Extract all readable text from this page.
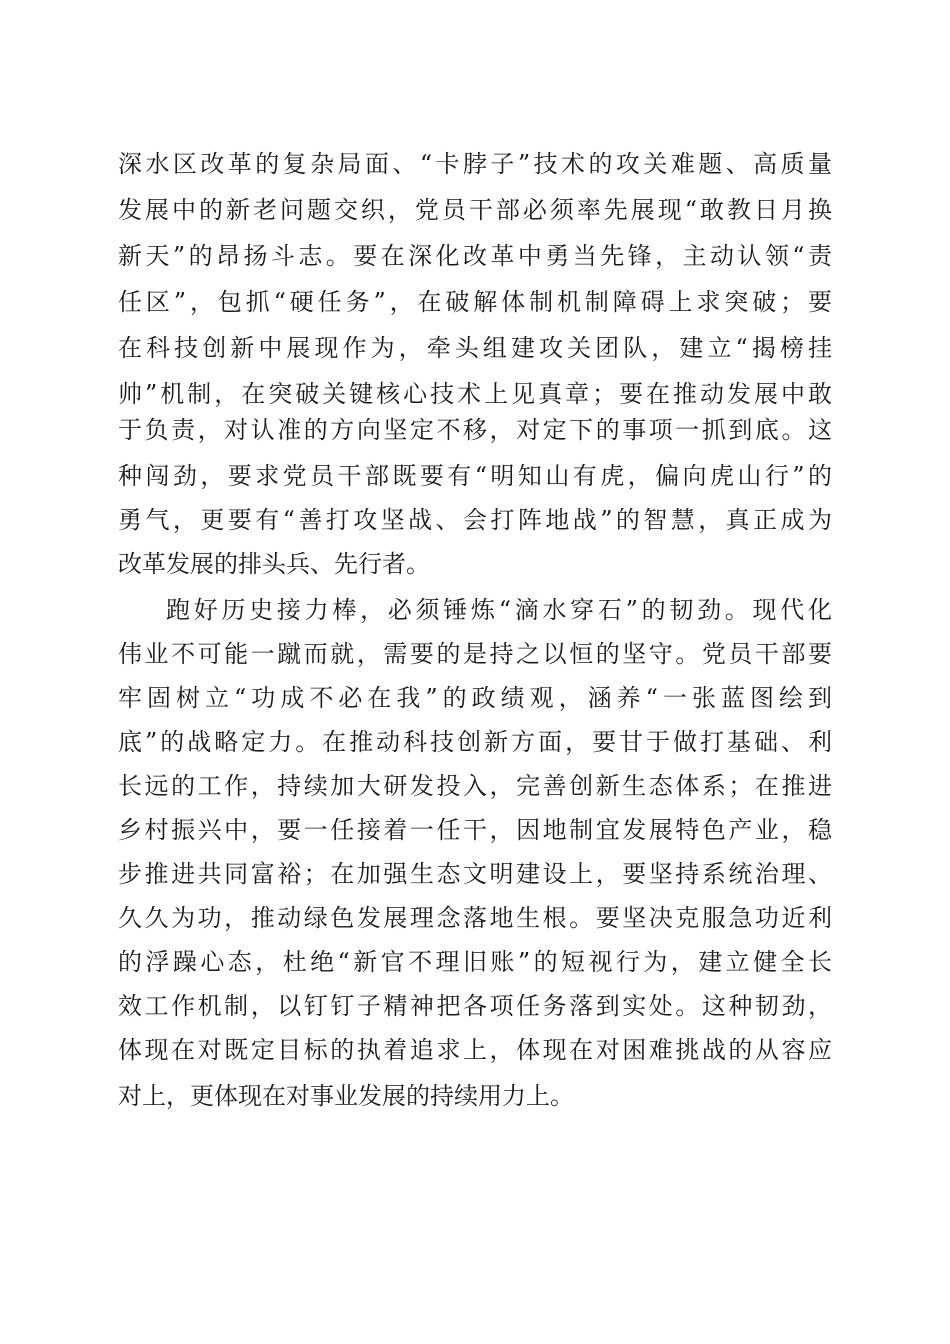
深水区改革的复杂局面、“卡脖子”技术的攻关难题、高质量
发展中的新老问题交织，党员干部必须率先展现“敢教日月换
新天”的昂扬斗志。要在深化改革中勇当先锋，主动认领“责
任区”，包抓“硬任务”，在破解体制机制障碍上求突破；要
在科技创新中展现作为，牵头组建攻关团队，建立“揭榜挂
帅”机制，在突破关键核心技术上见真章；要在推动发展中敢
于负责，对认准的方向坚定不移，对定下的事项一抓到底。这
种闯劲，要求党员干部既要有“明知山有虎，偏向虎山行”的
勇气，更要有“善打攻坚战、会打阵地战”的智慧，真正成为
改革发展的排头兵、先行者。
跑好历史接力棒，必须锤炼“滴水穿石”的韧劲。现代化
伟业不可能一蹴而就，需要的是持之以恒的坚守。党员干部要
牢固树立“功成不必在我”的政绩观，涵养“一张蓝图绘到
底”的战略定力。在推动科技创新方面，要甘于做打基础、利
长远的工作，持续加大研发投入，完善创新生态体系；在推进
乡村振兴中，要一任接着一任干，因地制宜发展特色产业，稳
步推进共同富裕；在加强生态文明建设上，要坚持系统治理、
久久为功，推动绿色发展理念落地生根。要坚决克服急功近利
的浮躁心态，杜绝“新官不理旧账”的短视行为，建立健全长
效工作机制，以钉钉子精神把各项任务落到实处。这种韧劲，
体现在对既定目标的执着追求上，体现在对困难挑战的从容应
对上，更体现在对事业发展的持续用力上。
